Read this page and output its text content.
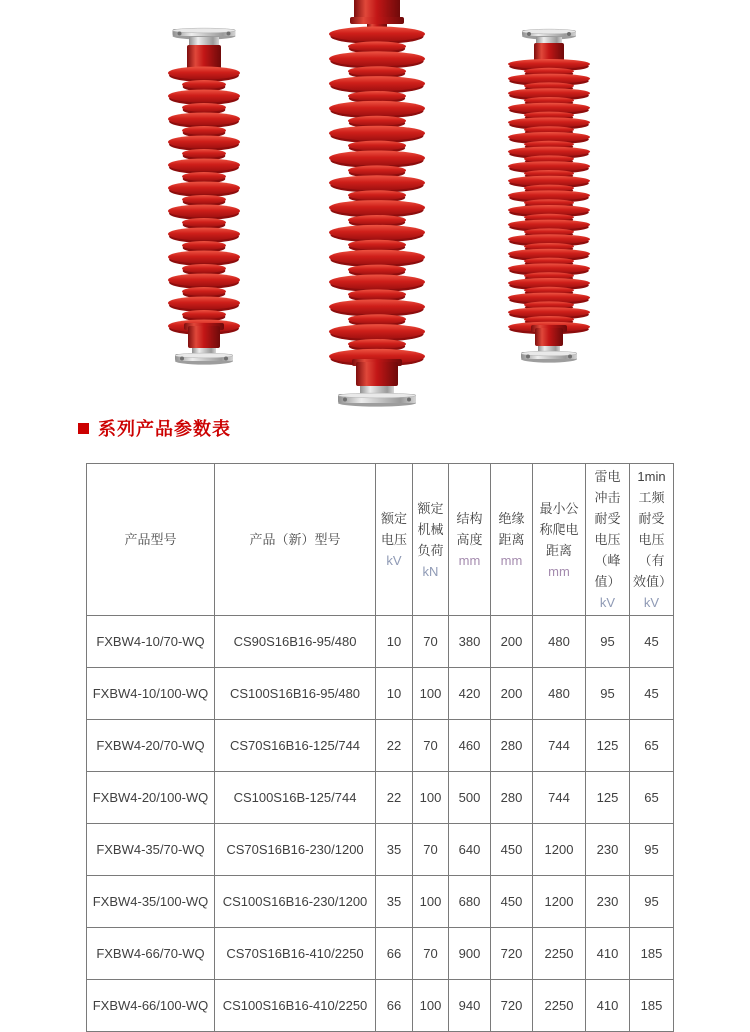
系列产品参数表
产品型号	产品（新）型号	额定电压kV	额定机械负荷kN	结构高度mm	绝缘距离mm	最小公称爬电距离mm	雷电冲击耐受电压（峰值）kV	1min工频耐受电压（有效值）kV
FXBW4-10/70-WQ	CS90S16B16-95/480	10	70	380	200	480	95	45
FXBW4-10/100-WQ	CS100S16B16-95/480	10	100	420	200	480	95	45
FXBW4-20/70-WQ	CS70S16B16-125/744	22	70	460	280	744	125	65
FXBW4-20/100-WQ	CS100S16B-125/744	22	100	500	280	744	125	65
FXBW4-35/70-WQ	CS70S16B16-230/1200	35	70	640	450	1200	230	95
FXBW4-35/100-WQ	CS100S16B16-230/1200	35	100	680	450	1200	230	95
FXBW4-66/70-WQ	CS70S16B16-410/2250	66	70	900	720	2250	410	185
FXBW4-66/100-WQ	CS100S16B16-410/2250	66	100	940	720	2250	410	185
